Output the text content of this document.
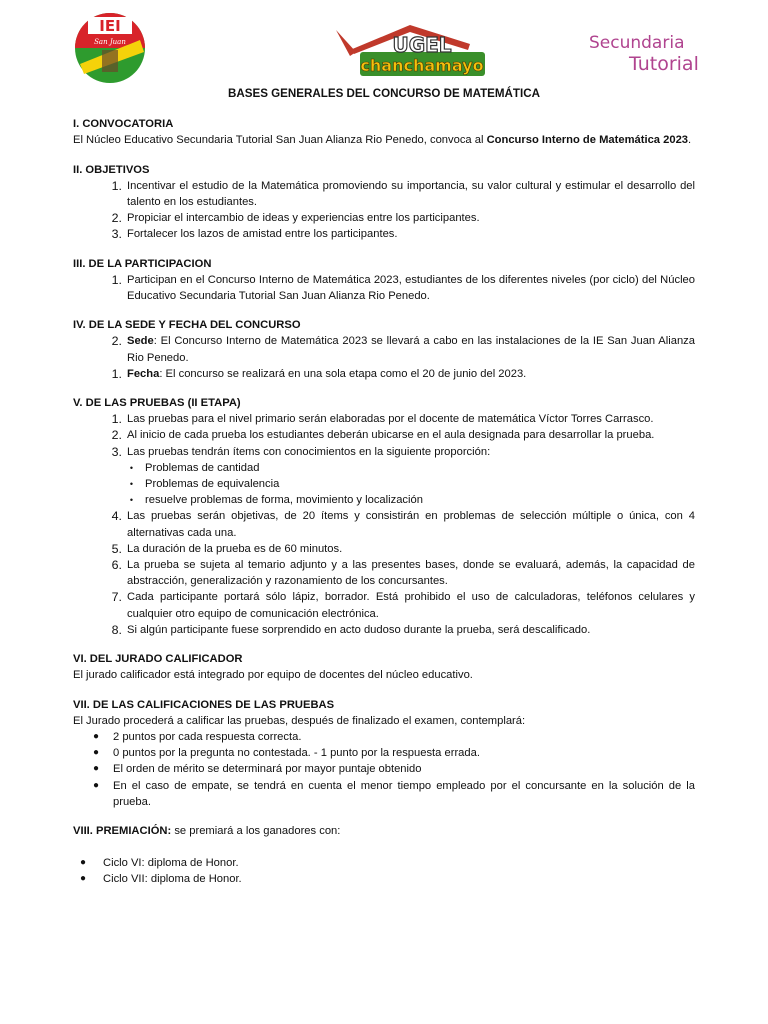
IEI
San Juan	UGEL
chanchamayo
Secundaria
Tutorial

BASES GENERALES DEL CONCURSO DE MATEMÁTICA

I. CONVOCATORIA

El Núcleo Educativo Secundaria Tutorial San Juan Alianza Rio Penedo, convoca al Concurso Interno de Matemática 2023.

II. OBJETIVOS

1. Incentivar el estudio de la Matemática promoviendo su importancia, su valor cultural y estimular el desarrollo del talento en los estudiantes.
2. Propiciar el intercambio de ideas y experiencias entre los participantes.
3. Fortalecer los lazos de amistad entre los participantes.

III. DE LA PARTICIPACION

1. Participan en el Concurso Interno de Matemática 2023, estudiantes de los diferentes niveles (por ciclo) del Núcleo Educativo Secundaria Tutorial San Juan Alianza Rio Penedo.

IV. DE LA SEDE Y FECHA DEL CONCURSO

2. Sede: El Concurso Interno de Matemática 2023 se llevará a cabo en las instalaciones de la IE San Juan Alianza Rio Penedo.
1. Fecha: El concurso se realizará en una sola etapa como el 20 de junio del 2023.

V. DE LAS PRUEBAS (II ETAPA)

1. Las pruebas para el nivel primario serán elaboradas por el docente de matemática Víctor Torres Carrasco.
2. Al inicio de cada prueba los estudiantes deberán ubicarse en el aula designada para desarrollar la prueba.
3. Las pruebas tendrán ítems con conocimientos en la siguiente proporción:
•	Problemas de cantidad
•	Problemas de equivalencia
•	resuelve problemas de forma, movimiento y localización
4. Las pruebas serán objetivas, de 20 ítems y consistirán en problemas de selección múltiple o única, con 4 alternativas cada una.
5. La duración de la prueba es de 60 minutos.
6. La prueba se sujeta al temario adjunto y a las presentes bases, donde se evaluará, además, la capacidad de abstracción, generalización y razonamiento de los concursantes.
7. Cada participante portará sólo lápiz, borrador. Está prohibido el uso de calculadoras, teléfonos celulares y cualquier otro equipo de comunicación electrónica.
8. Si algún participante fuese sorprendido en acto dudoso durante la prueba, será descalificado.

VI. DEL JURADO CALIFICADOR

El jurado calificador está integrado por equipo de docentes del núcleo educativo.

VII. DE LAS CALIFICACIONES DE LAS PRUEBAS

El Jurado procederá a calificar las pruebas, después de finalizado el examen, contemplará:

●	2 puntos por cada respuesta correcta.
●	0 puntos por la pregunta no contestada. - 1 punto por la respuesta errada.
●	El orden de mérito se determinará por mayor puntaje obtenido
●	En el caso de empate, se tendrá en cuenta el menor tiempo empleado por el concursante en la solución de la prueba.

VIII. PREMIACIÓN: se premiará a los ganadores con:

●	Ciclo VI: diploma de Honor.
●	Ciclo VII: diploma de Honor.
